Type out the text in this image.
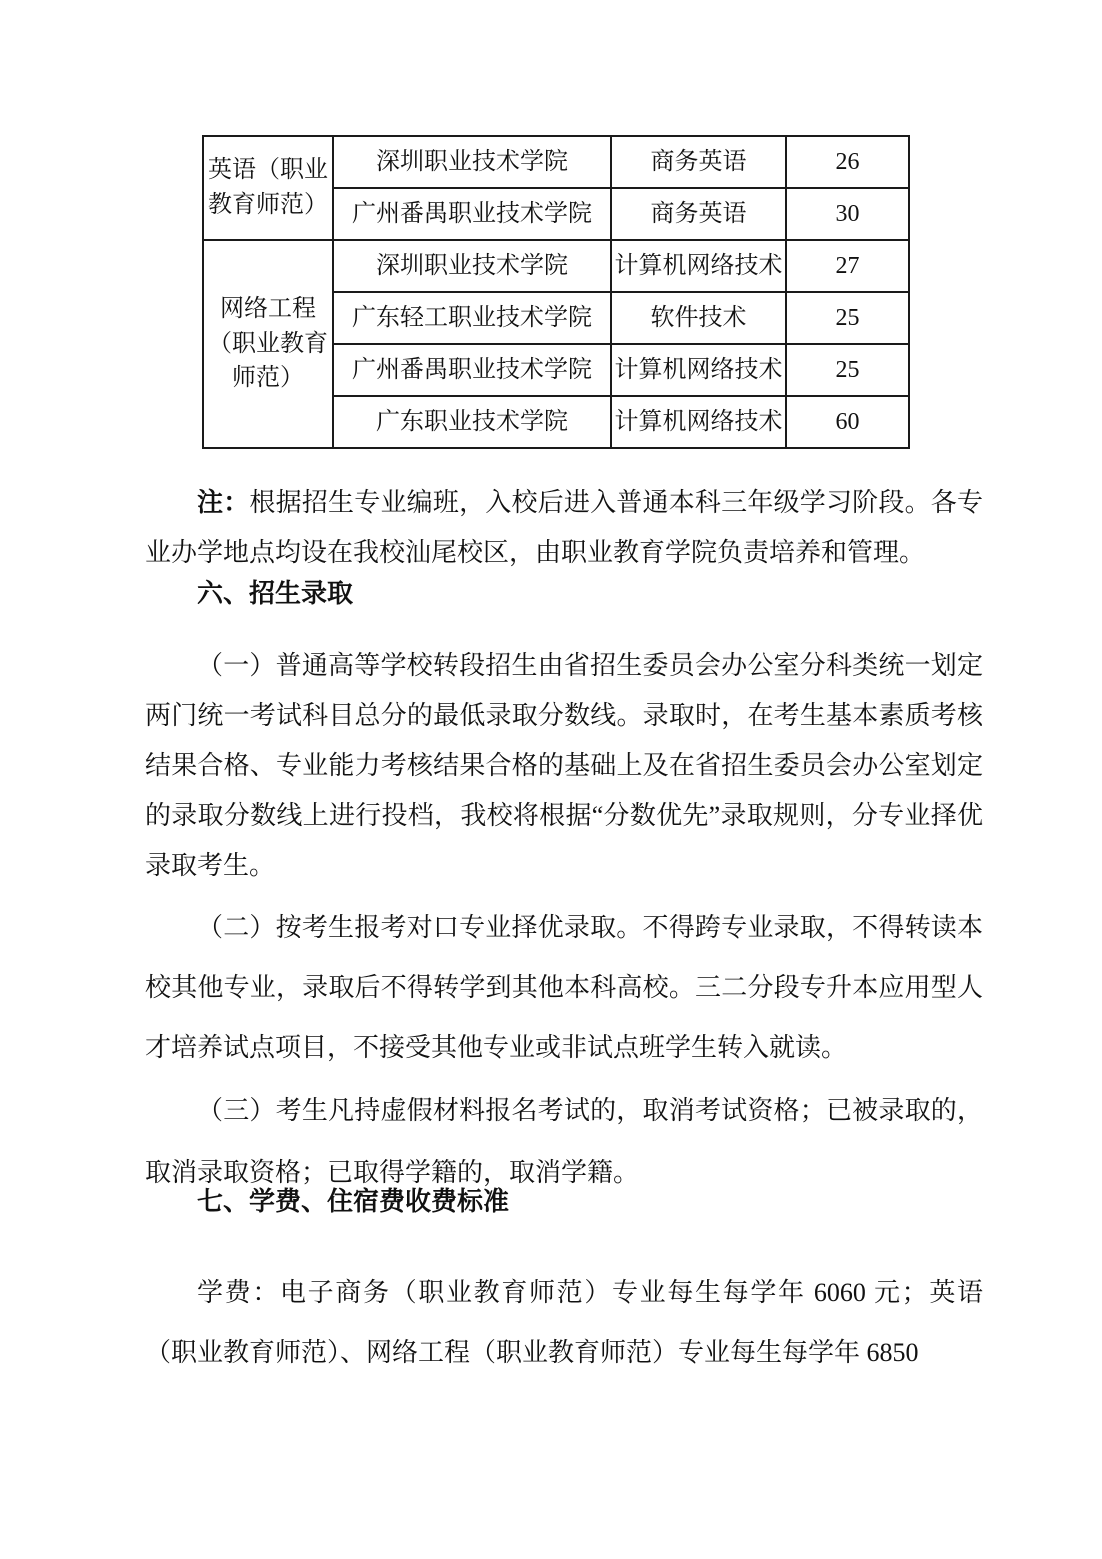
英语（职业教育师范）	深圳职业技术学院	商务英语	26
	广州番禺职业技术学院	商务英语	30
网络工程（职业教育师范）	深圳职业技术学院	计算机网络技术	27
	广东轻工职业技术学院	软件技术	25
	广州番禺职业技术学院	计算机网络技术	25
	广东职业技术学院	计算机网络技术	60

注：根据招生专业编班，入校后进入普通本科三年级学习阶段。各专业办学地点均设在我校汕尾校区，由职业教育学院负责培养和管理。

六、招生录取

（一）普通高等学校转段招生由省招生委员会办公室分科类统一划定两门统一考试科目总分的最低录取分数线。录取时，在考生基本素质考核结果合格、专业能力考核结果合格的基础上及在省招生委员会办公室划定的录取分数线上进行投档，我校将根据“分数优先”录取规则，分专业择优录取考生。

（二）按考生报考对口专业择优录取。不得跨专业录取，不得转读本校其他专业，录取后不得转学到其他本科高校。三二分段专升本应用型人才培养试点项目，不接受其他专业或非试点班学生转入就读。

（三）考生凡持虚假材料报名考试的，取消考试资格；已被录取的，取消录取资格；已取得学籍的，取消学籍。

七、学费、住宿费收费标准

学费：电子商务（职业教育师范）专业每生每学年 6060 元；英语（职业教育师范）、网络工程（职业教育师范）专业每生每学年 6850
